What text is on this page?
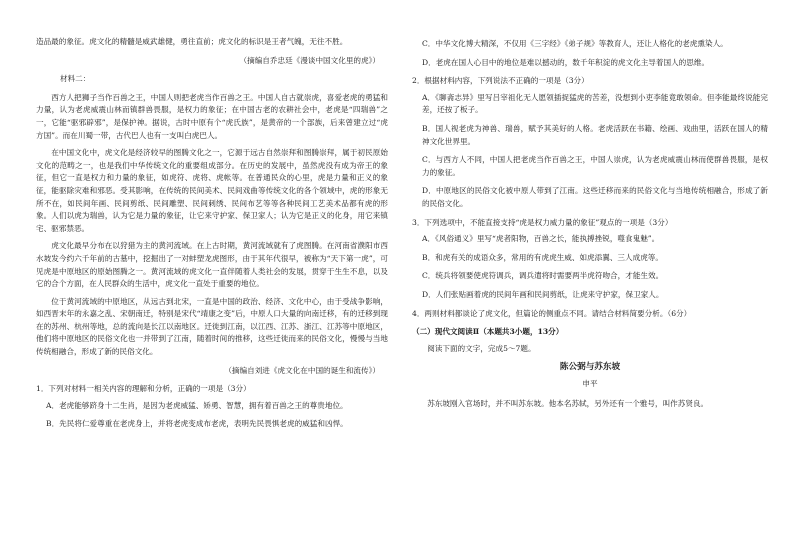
造品最的象征。虎文化的精髓是威武雄健，勇往直前；虎文化的标识是王者气魄，无往不胜。

（摘编自乔忠廷《漫谈中国文化里的虎》）

材料二：

西方人把狮子当作百兽之王，中国人则把老虎当作百兽之王。中国人自古就崇虎，喜爱老虎的勇猛和力量，认为老虎威震山林而镇群兽畏服，是权力的象征；在中国古老的农耕社会中，老虎是“四瑞兽”之一，它能“驱邪辟邪”，是保护神。据说，古时中原有个“虎氏族”，是黄帝的一个部族，后来曾建立过“虎方国”。而在川蜀一带，古代巴人也有一支叫白虎巴人。

在中国文化中，虎文化是经济较早的图腾文化之一，它源于远古自然崇拜和图腾崇拜，属于初民原始文化的范畴之一，也是我们中华传统文化的重要组成部分。在历史的发展中，虽然虎没有成为帝王的象征，但它一直是权力和力量的象征，如虎符、虎将、虎帐等。在普通民众的心里，虎是力量和正义的象征，能驱除灾难和邪恶。受其影响，在传统的民间美术、民间戏曲等传统文化的各个领域中，虎的形象无所不在，如民间年画、民间剪纸、民间雕塑、民间刺绣、民间布艺等等各种民间工艺美术品都有虎的形象。人们以虎为瑞兽，认为它是力量的象征，让它来守护家、保卫家人；认为它是正义的化身，用它来镇宅、驱邪禁恶。

虎文化最早分布在以狩猎为主的黄河流域。在上古时期，黄河流域就有了虎图腾。在河南省濮阳市西水坡发今约六千年前的古墓中，挖掘出了一对蚌塑龙虎图形，由于其年代很早，被称为“天下第一虎”，可见虎是中原地区的原始图腾之一。黄河流域的虎文化一直伴随着人类社会的发展，贯穿于生生不息，以及它的合个方面，在人民群众的生活中，虎文化一直处于重要的地位。

位于黄河流域的中原地区，从远古到北宋，一直是中国的政治、经济、文化中心，由于受战争影响，如西晋末年的永嘉之乱、宋朝南迁，特别是宋代“靖康之变”后，中原人口大量的向南迁移，有的迁移到现在的苏州、杭州等地，总的流向是长江以南地区。迁徙到江南，以江西、江苏、浙江、江苏等中原地区，他们将中原地区的民俗文化也一并带到了江南，随着时间的推移，这些迁徙而来的民俗文化，慢慢与当地传统相融合，形成了新的民俗文化。

（摘编自刘进《虎文化在中国的诞生和流传》）

1．下列对材料一相关内容的理解和分析，正确的一项是（3分）

A．老虎能够跻身十二生肖，是因为老虎威猛、矫勇、智慧，拥有着百兽之王的尊贵地位。

B．先民将仁爱尊重在老虎身上，并将老虎变成布老虎，表明先民畏惧老虎的威猛和凶悍。

C．中华文化博大精深，不仅用《三字经》《弟子规》等教育人，还让人格化的老虎熏染人。

D．老虎在国人心目中的地位是难以撼动的，数千年积淀的虎文化主导着国人的思维。

2．根据材料内容，下列说法不正确的一项是（3分）

A．《聊斋志异》里写吕宰祖化无人愿领插捉猛虎的苦差，没想到小吏李能竟敢领命。但李能最终说能完差，还按了板子。

B．国人视老虎为神兽、瑞兽，赋予其美好的人格。老虎活跃在书籍、绘画、戏曲里，活跃在国人的精神文化世界里。

C．与西方人不同，中国人把老虎当作百兽之王，中国人崇虎，认为老虎威震山林而使群兽畏服，是权力的象征。

D．中原地区的民俗文化被中原人带到了江南。这些迁移而来的民俗文化与当地传统相融合，形成了新的民俗文化。

3．下列选项中，不能直接支持“虎是权力威力量的象征”观点的一项是（3分）

A．《风俗通义》里写“虎者阳物，百兽之长，能执搏挫锐，噬食鬼魅”。

B．和虎有关的成语众多，常用的有虎虎生威、如虎添翼、三人成虎等。

C．统兵将领要使虎符调兵，调兵遣将时需要两半虎符吻合，才能生效。

D．人们张贴画着虎的民间年画和民间剪纸，让虎来守护家，保卫家人。

4．两则材料都谈论了虎文化，但篇论的侧重点不同。请结合材料简要分析。（6分）

（二）现代文阅读Ⅱ（本题共3小题，13分）

阅读下面的文字，完成5～7题。

陈公弼与苏东坡

申平

苏东坡刚入官场时，并不叫苏东坡。他本名苏轼，另外还有一个雅号，叫作苏贤良。
